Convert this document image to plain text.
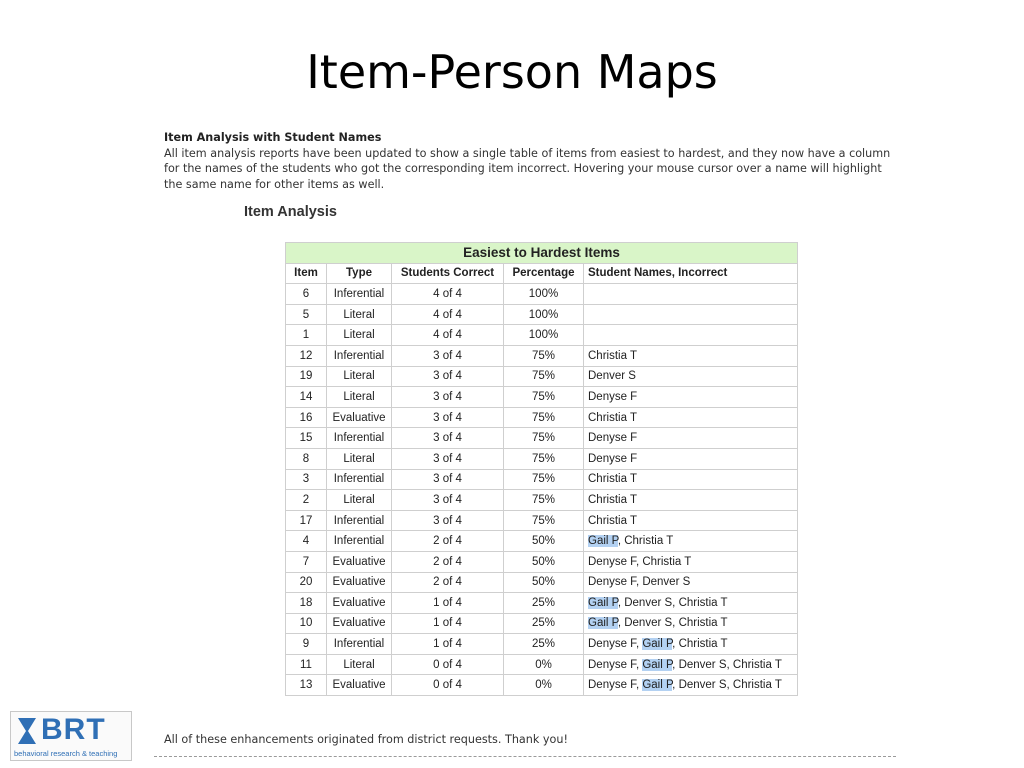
Item-Person Maps
Item Analysis with Student Names
All item analysis reports have been updated to show a single table of items from easiest to hardest, and they now have a column for the names of the students who got the corresponding item incorrect. Hovering your mouse cursor over a name will highlight the same name for other items as well.
Item Analysis
Easiest to Hardest Items				
Item	Type	Students Correct	Percentage	Student Names, Incorrect
6	Inferential	4 of 4	100%	
5	Literal	4 of 4	100%	
1	Literal	4 of 4	100%	
12	Inferential	3 of 4	75%	Christia T
19	Literal	3 of 4	75%	Denver S
14	Literal	3 of 4	75%	Denyse F
16	Evaluative	3 of 4	75%	Christia T
15	Inferential	3 of 4	75%	Denyse F
8	Literal	3 of 4	75%	Denyse F
3	Inferential	3 of 4	75%	Christia T
2	Literal	3 of 4	75%	Christia T
17	Inferential	3 of 4	75%	Christia T
4	Inferential	2 of 4	50%	Gail P, Christia T
7	Evaluative	2 of 4	50%	Denyse F, Christia T
20	Evaluative	2 of 4	50%	Denyse F, Denver S
18	Evaluative	1 of 4	25%	Gail P, Denver S, Christia T
10	Evaluative	1 of 4	25%	Gail P, Denver S, Christia T
9	Inferential	1 of 4	25%	Denyse F, Gail P, Christia T
11	Literal	0 of 4	0%	Denyse F, Gail P, Denver S, Christia T
13	Evaluative	0 of 4	0%	Denyse F, Gail P, Denver S, Christia T
All of these enhancements originated from district requests. Thank you!
BRT
behavioral research & teaching
